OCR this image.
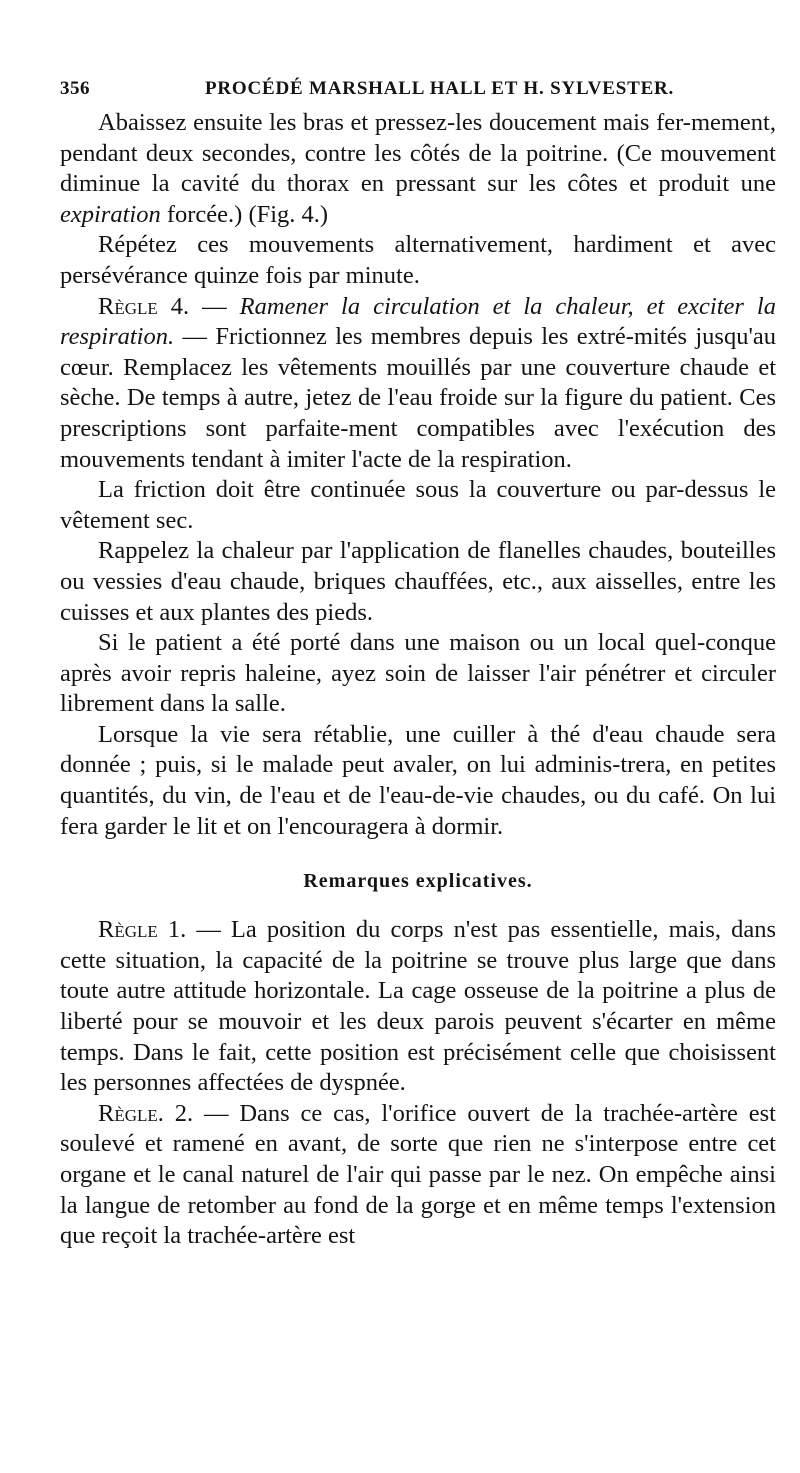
356	PROCÉDÉ MARSHALL HALL ET H. SYLVESTER.

Abaissez ensuite les bras et pressez-les doucement mais fer-mement, pendant deux secondes, contre les côtés de la poitrine. (Ce mouvement diminue la cavité du thorax en pressant sur les côtes et produit une expiration forcée.) (Fig. 4.)

Répétez ces mouvements alternativement, hardiment et avec persévérance quinze fois par minute.

Règle 4. — Ramener la circulation et la chaleur, et exciter la respiration. — Frictionnez les membres depuis les extré-mités jusqu'au cœur. Remplacez les vêtements mouillés par une couverture chaude et sèche. De temps à autre, jetez de l'eau froide sur la figure du patient. Ces prescriptions sont parfaite-ment compatibles avec l'exécution des mouvements tendant à imiter l'acte de la respiration.

La friction doit être continuée sous la couverture ou par-dessus le vêtement sec.

Rappelez la chaleur par l'application de flanelles chaudes, bouteilles ou vessies d'eau chaude, briques chauffées, etc., aux aisselles, entre les cuisses et aux plantes des pieds.

Si le patient a été porté dans une maison ou un local quel-conque après avoir repris haleine, ayez soin de laisser l'air pénétrer et circuler librement dans la salle.

Lorsque la vie sera rétablie, une cuiller à thé d'eau chaude sera donnée ; puis, si le malade peut avaler, on lui adminis-trera, en petites quantités, du vin, de l'eau et de l'eau-de-vie chaudes, ou du café. On lui fera garder le lit et on l'encouragera à dormir.

Remarques explicatives.

Règle 1. — La position du corps n'est pas essentielle, mais, dans cette situation, la capacité de la poitrine se trouve plus large que dans toute autre attitude horizontale. La cage osseuse de la poitrine a plus de liberté pour se mouvoir et les deux parois peuvent s'écarter en même temps. Dans le fait, cette position est précisément celle que choisissent les personnes affectées de dyspnée.

Règle. 2. — Dans ce cas, l'orifice ouvert de la trachée-artère est soulevé et ramené en avant, de sorte que rien ne s'interpose entre cet organe et le canal naturel de l'air qui passe par le nez. On empêche ainsi la langue de retomber au fond de la gorge et en même temps l'extension que reçoit la trachée-artère est
